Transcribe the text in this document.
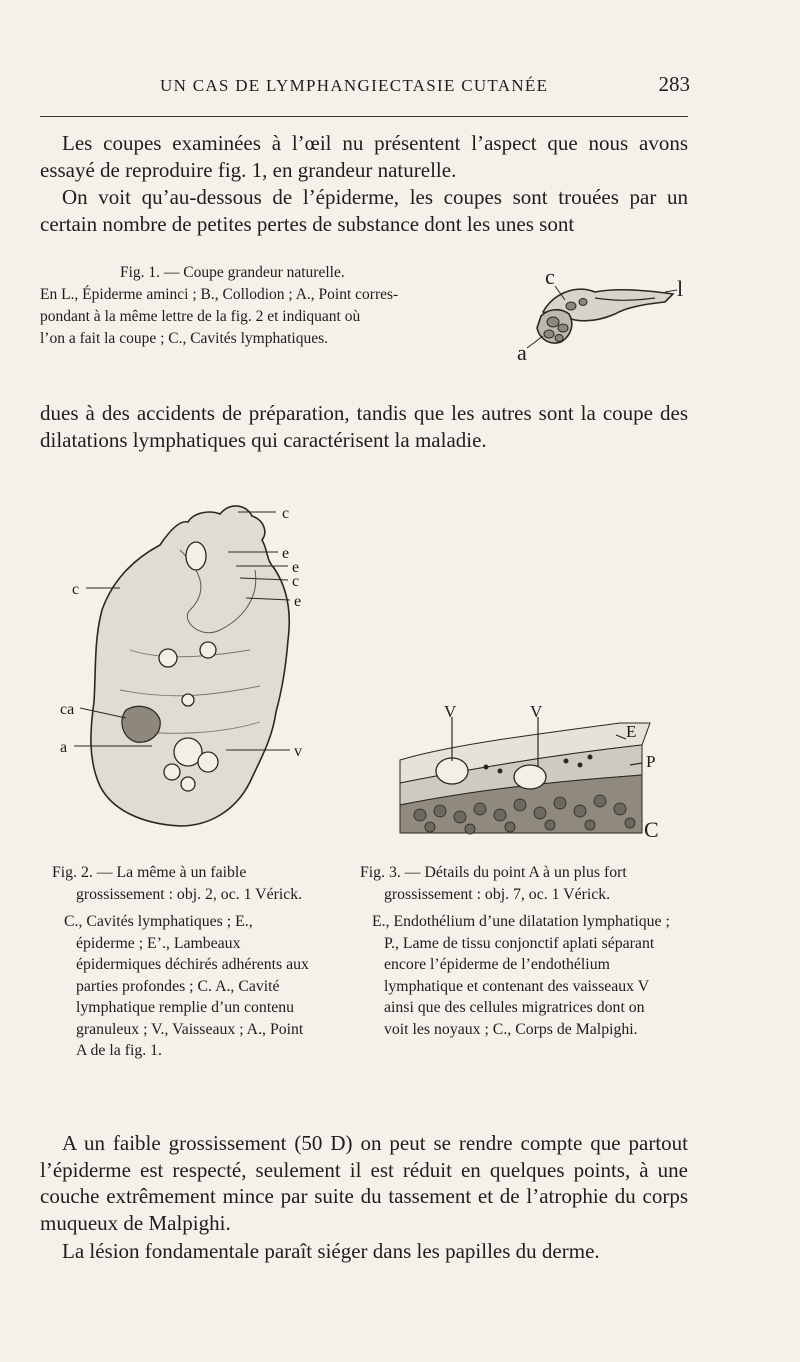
UN CAS DE LYMPHANGIECTASIE CUTANÉE	283

Les coupes examinées à l’œil nu présentent l’aspect que nous avons essayé de reproduire fig. 1, en grandeur naturelle.

On voit qu’au-dessous de l’épiderme, les coupes sont trouées par un certain nombre de petites pertes de substance dont les unes sont

Fig. 1. — Coupe grandeur naturelle.
En L., Épiderme aminci ; B., Collodion ; A., Point corres-
pondant à la même lettre de la fig. 2 et indiquant où
l’on a fait la coupe ; C., Cavités lymphatiques.
c	l
a

dues à des accidents de préparation, tandis que les autres sont la coupe des dilatations lymphatiques qui caractérisent la maladie.

c
e
e
c
e
c
ca
a	v
V	V
E
P
C
Fig. 2. — La même à un faible grossissement : obj. 2, oc. 1 Vérick.
C., Cavités lymphatiques ; E., épiderme ; E’., Lambeaux épidermiques déchirés adhérents aux parties profondes ; C. A., Cavité lymphatique remplie d’un contenu granuleux ; V., Vaisseaux ; A., Point A de la fig. 1.
Fig. 3. — Détails du point A à un plus fort grossissement : obj. 7, oc. 1 Vérick.
E., Endothélium d’une dilatation lymphatique ; P., Lame de tissu conjonctif aplati séparant encore l’épiderme de l’endothélium lymphatique et contenant des vaisseaux V ainsi que des cellules migratrices dont on voit les noyaux ; C., Corps de Malpighi.

A un faible grossissement (50 D) on peut se rendre compte que partout l’épiderme est respecté, seulement il est réduit en quelques points, à une couche extrêmement mince par suite du tassement et de l’atrophie du corps muqueux de Malpighi.

La lésion fondamentale paraît siéger dans les papilles du derme.
